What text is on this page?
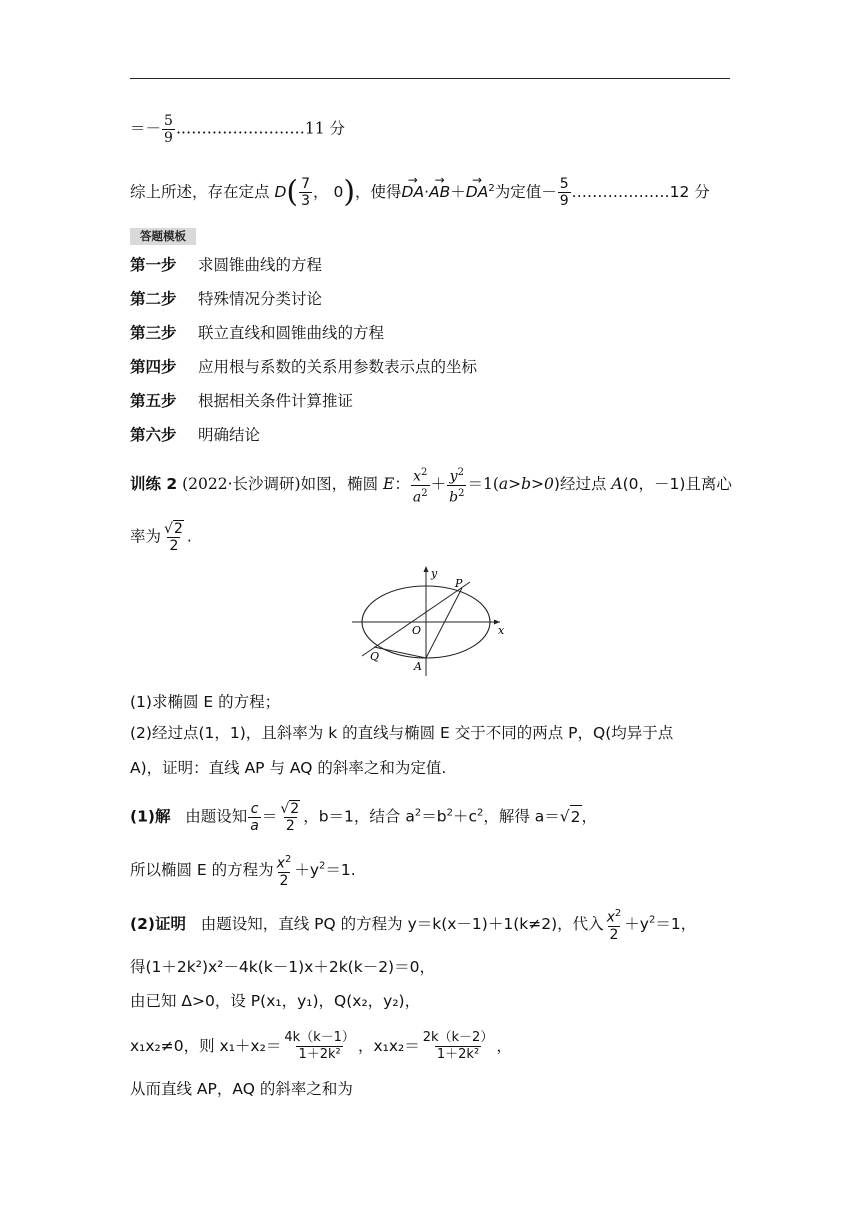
＝－ $\frac{5}{9}$ .……………………11 分
综上所述，存在定点 $D( \frac{7}{3}$ ， 0)，使得→ $DA\cdot\to AB+\to DA^2$为定值－ $\frac{5}{9}$ .………………12 分
答题模板
第一步 求圆锥曲线的方程
第二步 特殊情况分类讨论
第三步 联立直线和圆锥曲线的方程
第四步 应用根与系数的关系用参数表示点的坐标
第五步 根据相关条件计算推证
第六步 明确结论
训练 2 (2022·长沙调研)如图，椭圆 E： $\frac{x^2}{a^2} + \frac{y^2}{b^2} =1(a>b>0)$经过点 A(0，－1)且离心
率为 $\frac{√2}{2}$ .
y
x
P
O
Q
A
(1)求椭圆 E 的方程；
(2)经过点(1，1)，且斜率为 k 的直线与椭圆 E 交于不同的两点 P，Q(均异于点
A)，证明：直线 AP 与 AQ 的斜率之和为定值.
(1)解 由题设知 $\frac{c}{a} = \frac{√2}{2}$ ，b＝1，结合 $a^2=b^2+c^2$，解得 a＝√2，
所以椭圆 E 的方程为 $\frac{x^2}{2} +y^2=1$.
(2)证明 由题设知，直线 PQ 的方程为 y＝k(x－1)＋1(k≠2)，代入 $\frac{x^2}{2} +y^2=1$，
得(1＋2k²)x²－4k(k－1)x＋2k(k－2)＝0，
由已知 Δ>0，设 P(x₁，y₁)，Q(x₂，y₂)，
x₁x₂≠0，则 $x_1+x_2= \frac{4k(k-1)}{\text{1＋2k²}}$ ，$x_1x_2= \frac{2k(k-2)}{\text{1＋2k²}}$ ，
从而直线 AP，AQ 的斜率之和为
